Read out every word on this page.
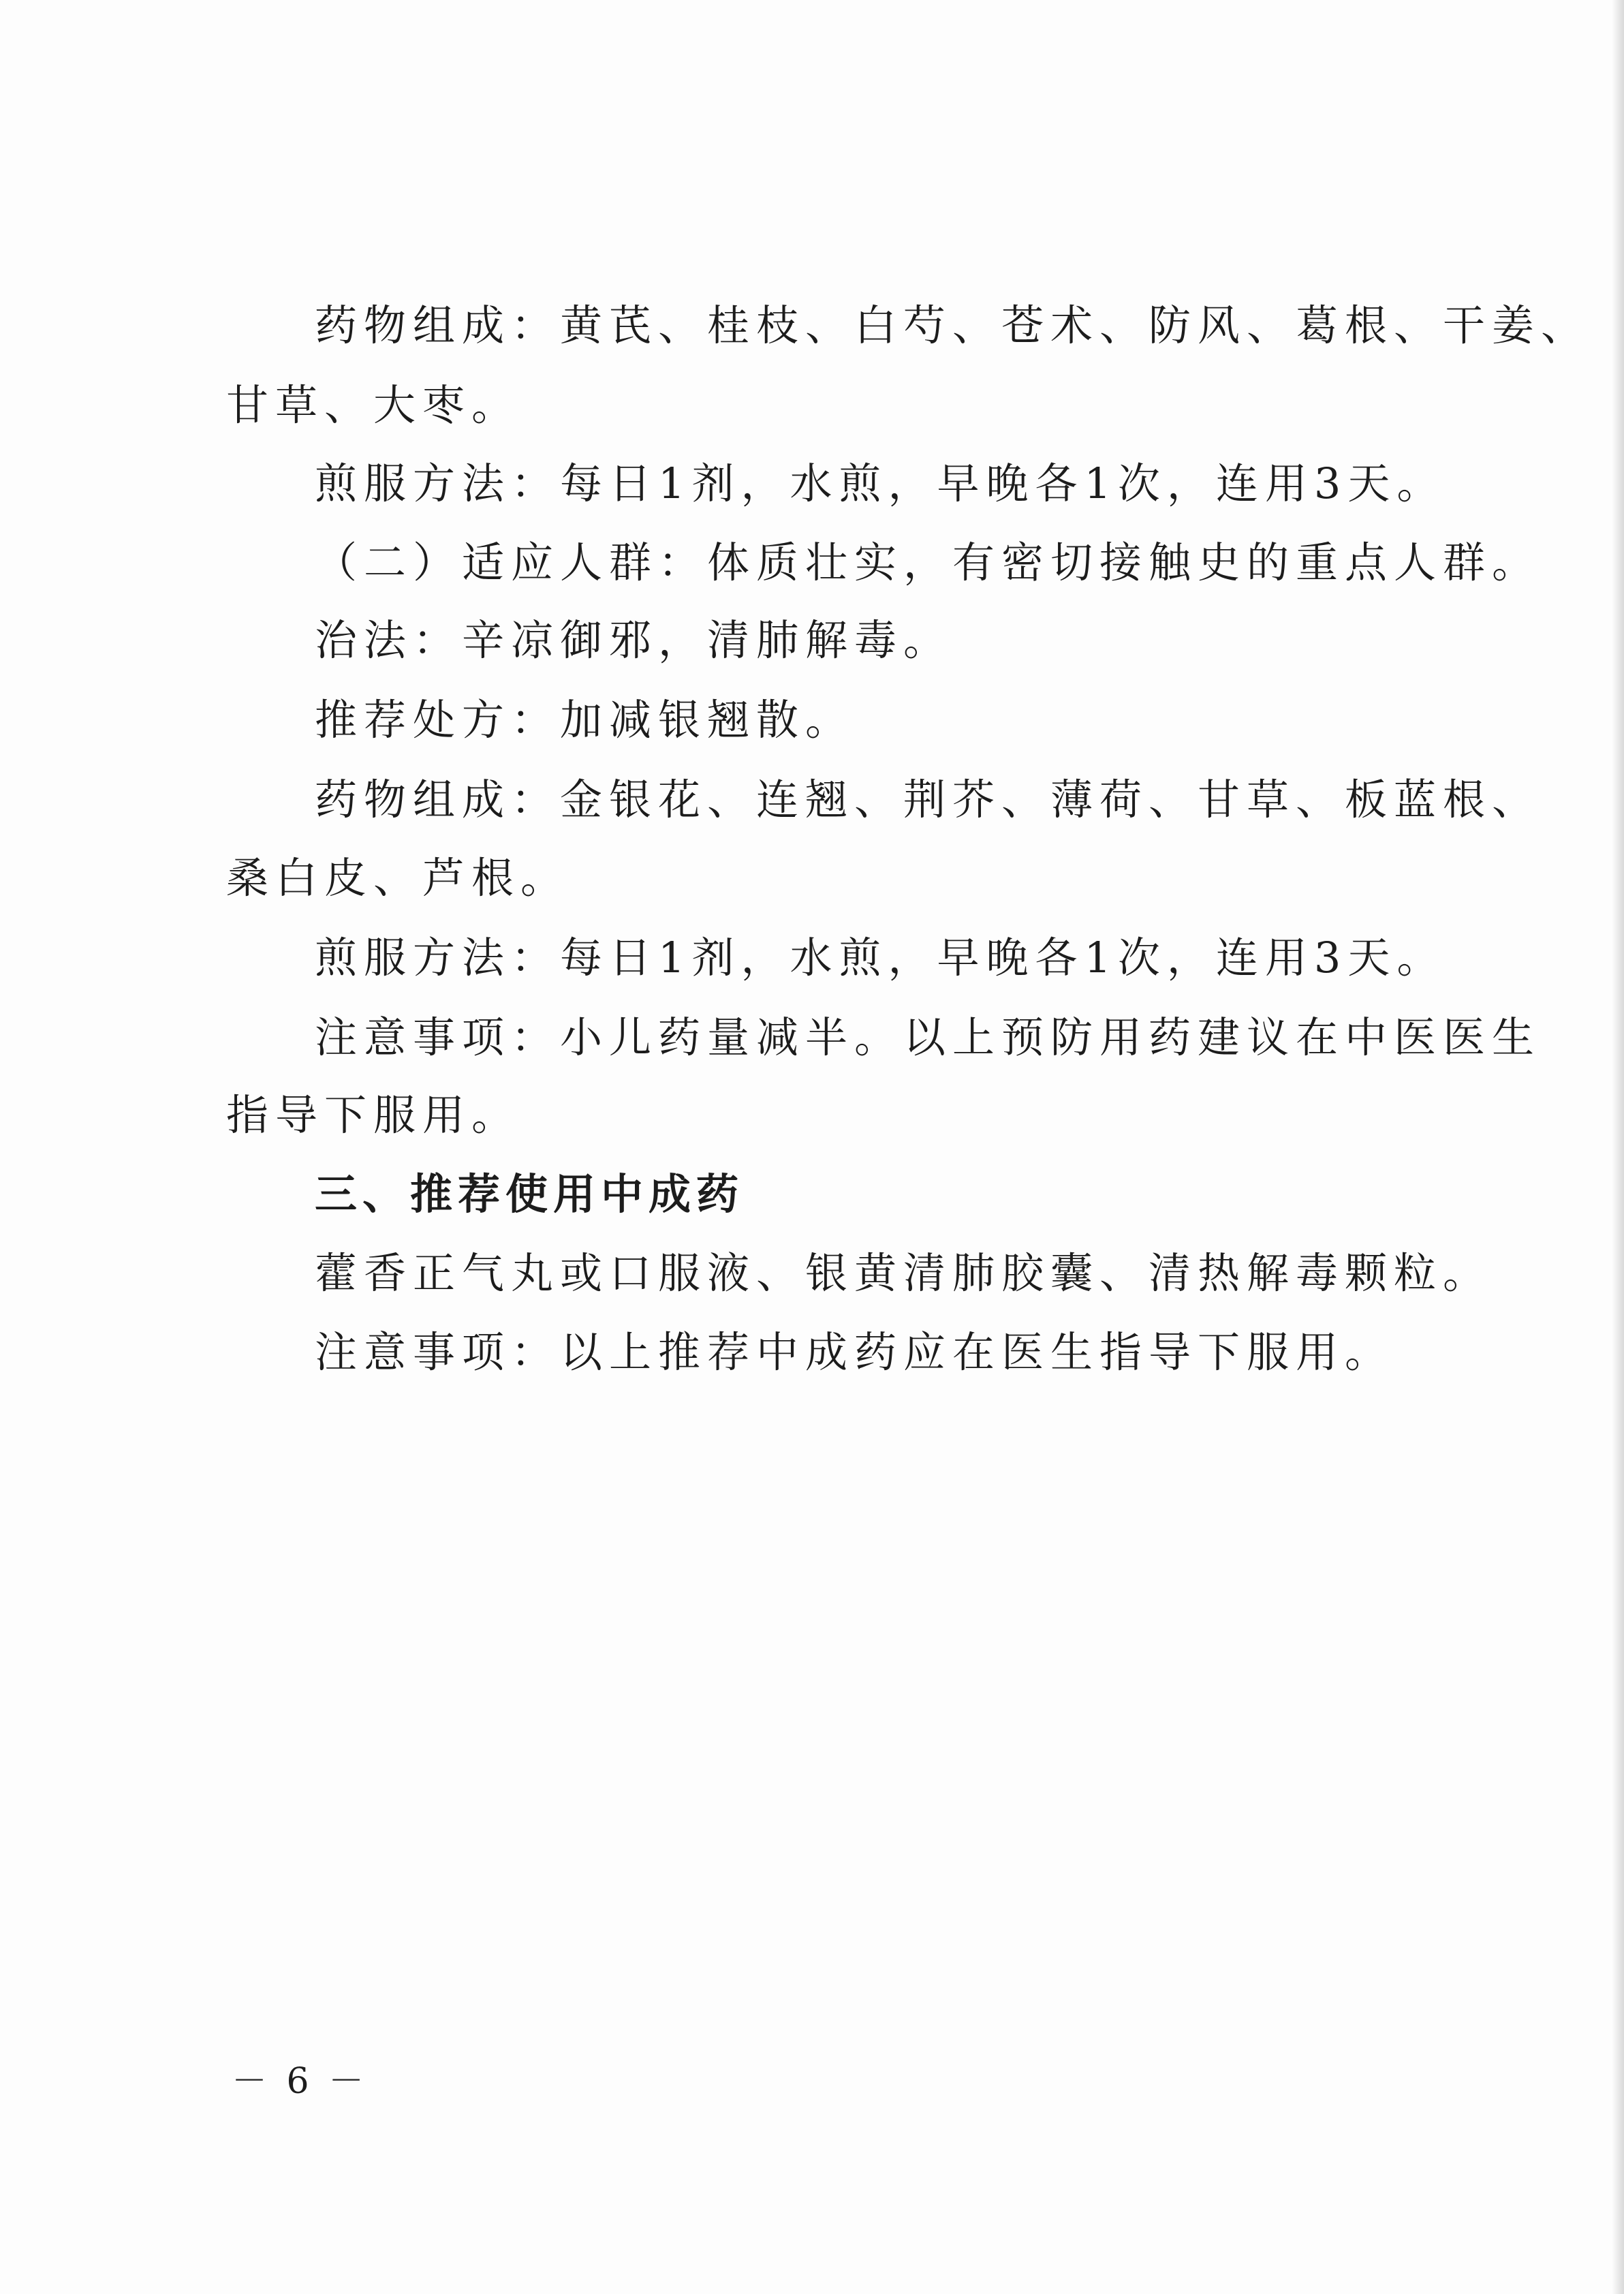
药物组成：黄芪、桂枝、白芍、苍术、防风、葛根、干姜、
甘草、大枣。
煎服方法：每日1剂，水煎，早晚各1次，连用3天。
（二）适应人群：体质壮实，有密切接触史的重点人群。
治法：辛凉御邪，清肺解毒。
推荐处方：加减银翘散。
药物组成：金银花、连翘、荆芥、薄荷、甘草、板蓝根、
桑白皮、芦根。
煎服方法：每日1剂，水煎，早晚各1次，连用3天。
注意事项：小儿药量减半。以上预防用药建议在中医医生
指导下服用。
三、推荐使用中成药
藿香正气丸或口服液、银黄清肺胶囊、清热解毒颗粒。
注意事项：以上推荐中成药应在医生指导下服用。
－ 6 －
